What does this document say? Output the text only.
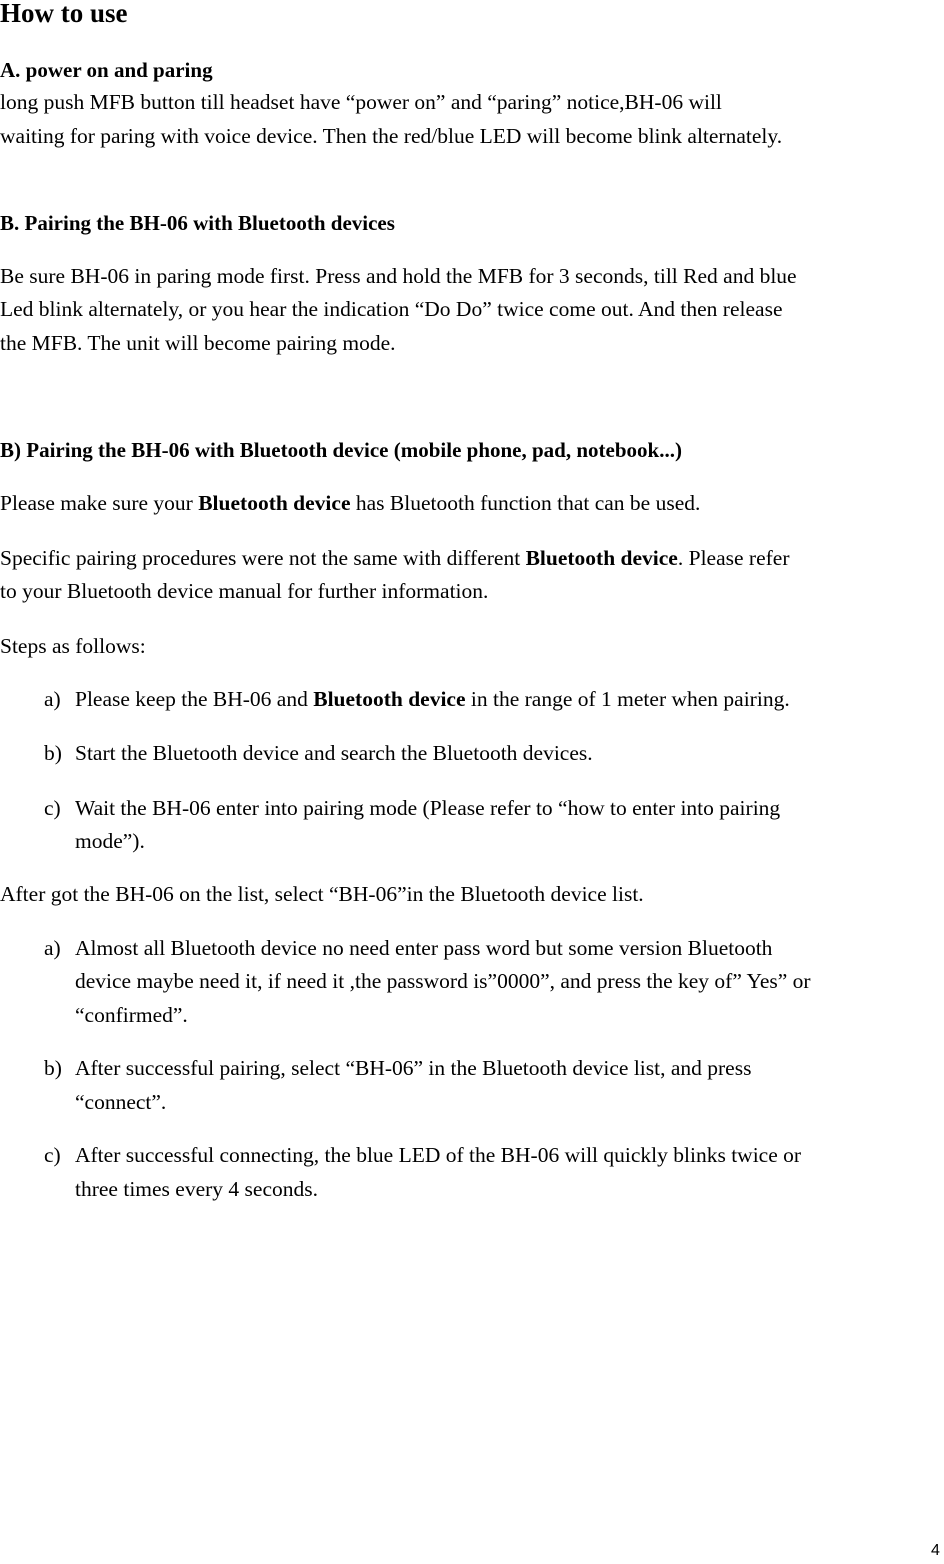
How to use
A. power on and paring
long push MFB button till headset have “power on” and “paring” notice,BH-06 will
waiting for paring with voice device. Then the red/blue LED will become blink alternately.
B. Pairing the BH-06 with Bluetooth devices
Be sure BH-06 in paring mode first. Press and hold the MFB for 3 seconds, till Red and blue
Led blink alternately, or you hear the indication “Do Do” twice come out. And then release
the MFB. The unit will become pairing mode.
B) Pairing the BH-06 with Bluetooth device (mobile phone, pad, notebook...)
Please make sure your Bluetooth device has Bluetooth function that can be used.
Specific pairing procedures were not the same with different Bluetooth device. Please refer
to your Bluetooth device manual for further information.
Steps as follows:
a) Please keep the BH-06 and Bluetooth device in the range of 1 meter when pairing.
b) Start the Bluetooth device and search the Bluetooth devices.
c) Wait the BH-06 enter into pairing mode (Please refer to “how to enter into pairing
mode”).
After got the BH-06 on the list, select “BH-06”in the Bluetooth device list.
a) Almost all Bluetooth device no need enter pass word but some version Bluetooth
device maybe need it, if need it ,the password is”0000”, and press the key of” Yes” or
“confirmed”.
b) After successful pairing, select “BH-06” in the Bluetooth device list, and press
“connect”.
c) After successful connecting, the blue LED of the BH-06 will quickly blinks twice or
three times every 4 seconds.
4
